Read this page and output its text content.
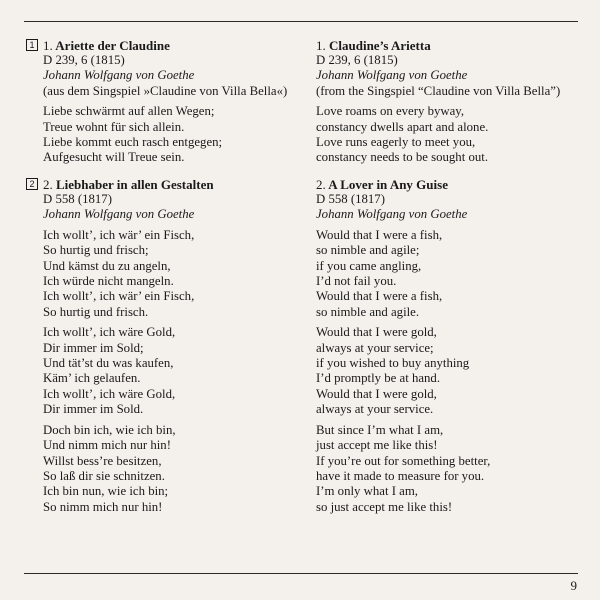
1 1. Ariette der Claudine
D 239, 6 (1815)
Johann Wolfgang von Goethe
(aus dem Singspiel »Claudine von Villa Bella«)
Liebe schwärmt auf allen Wegen;
Treue wohnt für sich allein.
Liebe kommt euch rasch entgegen;
Aufgesucht will Treue sein.
2 2. Liebhaber in allen Gestalten
D 558 (1817)
Johann Wolfgang von Goethe
Ich wollt’, ich wär’ ein Fisch,
So hurtig und frisch;
Und kämst du zu angeln,
Ich würde nicht mangeln.
Ich wollt’, ich wär’ ein Fisch,
So hurtig und frisch.
Ich wollt’, ich wäre Gold,
Dir immer im Sold;
Und tät’st du was kaufen,
Käm’ ich gelaufen.
Ich wollt’, ich wäre Gold,
Dir immer im Sold.
Doch bin ich, wie ich bin,
Und nimm mich nur hin!
Willst bess’re besitzen,
So laß dir sie schnitzen.
Ich bin nun, wie ich bin;
So nimm mich nur hin!
1. Claudine’s Arietta
D 239, 6 (1815)
Johann Wolfgang von Goethe
(from the Singspiel “Claudine von Villa Bella”)
Love roams on every byway,
constancy dwells apart and alone.
Love runs eagerly to meet you,
constancy needs to be sought out.
2. A Lover in Any Guise
D 558 (1817)
Johann Wolfgang von Goethe
Would that I were a fish,
so nimble and agile;
if you came angling,
I’d not fail you.
Would that I were a fish,
so nimble and agile.
Would that I were gold,
always at your service;
if you wished to buy anything
I’d promptly be at hand.
Would that I were gold,
always at your service.
But since I’m what I am,
just accept me like this!
If you’re out for something better,
have it made to measure for you.
I’m only what I am,
so just accept me like this!
9
